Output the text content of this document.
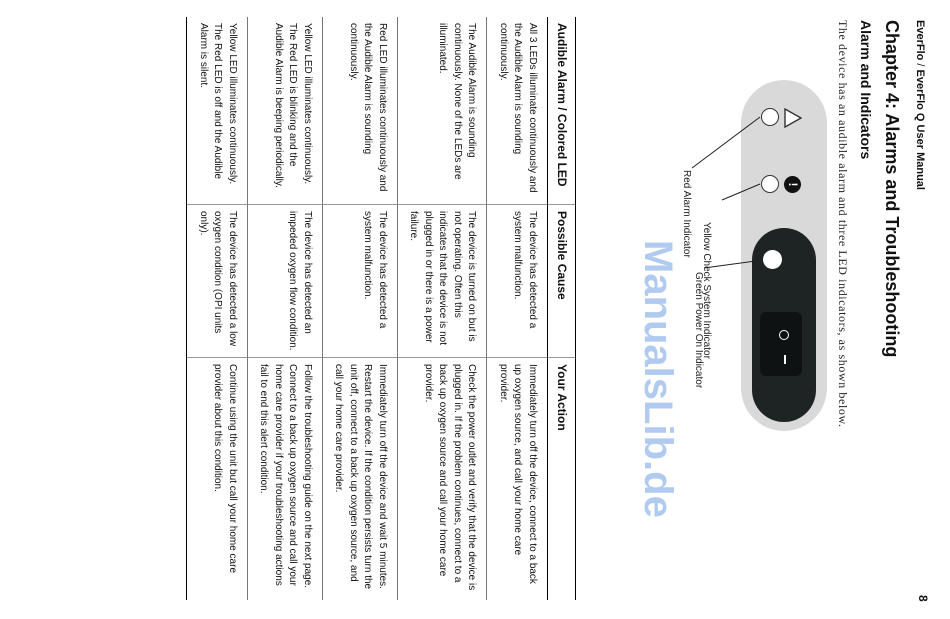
EverFlo / EverFlo Q User Manual
8
Chapter 4: Alarms and Troubleshooting
Alarm and Indicators
The device has an audible alarm and three LED indicators, as shown below.
!
Red Alarm Indicator
Yellow Check System Indicator
Green Power On Indicator
Audible Alarm / Colored LED	Possible Cause	Your Action
All 3 LEDs illuminate continuously and the Audible Alarm is sounding continuously.	The device has detected a system malfunction.	Immediately turn off the device, connect to a back up oxygen source, and call your home care provider.
The Audible Alarm is sounding continuously. None of the LEDs are illuminated.	The device is turned on but is not operating. Often this indicates that the device is not plugged in or there is a power failure.	Check the power outlet and verify that the device is plugged in. If the problem continues, connect to a back up oxygen source and call your home care provider.
Red LED illuminates continuously and the Audible Alarm is sounding continuously.	The device has detected a system malfunction.	Immediately turn off the device and wait 5 minutes. Restart the device. If the condition persists turn the unit off, connect to a back up oxygen source, and call your home care provider.
Yellow LED illuminates continuously. The Red LED is blinking and the Audible Alarm is beeping periodically.	The device has detected an impeded oxygen flow condition.	Follow the troubleshooting guide on the next page. Connect to a back up oxygen source and call your home care provider if your troubleshooting actions fail to end this alert condition.
Yellow LED illuminates continuously. The Red LED is off and the Audible Alarm is silent.	The device has detected a low oxygen condition (OPI units only).	Continue using the unit but call your home care provider about this condition.	ManualsLib.de
